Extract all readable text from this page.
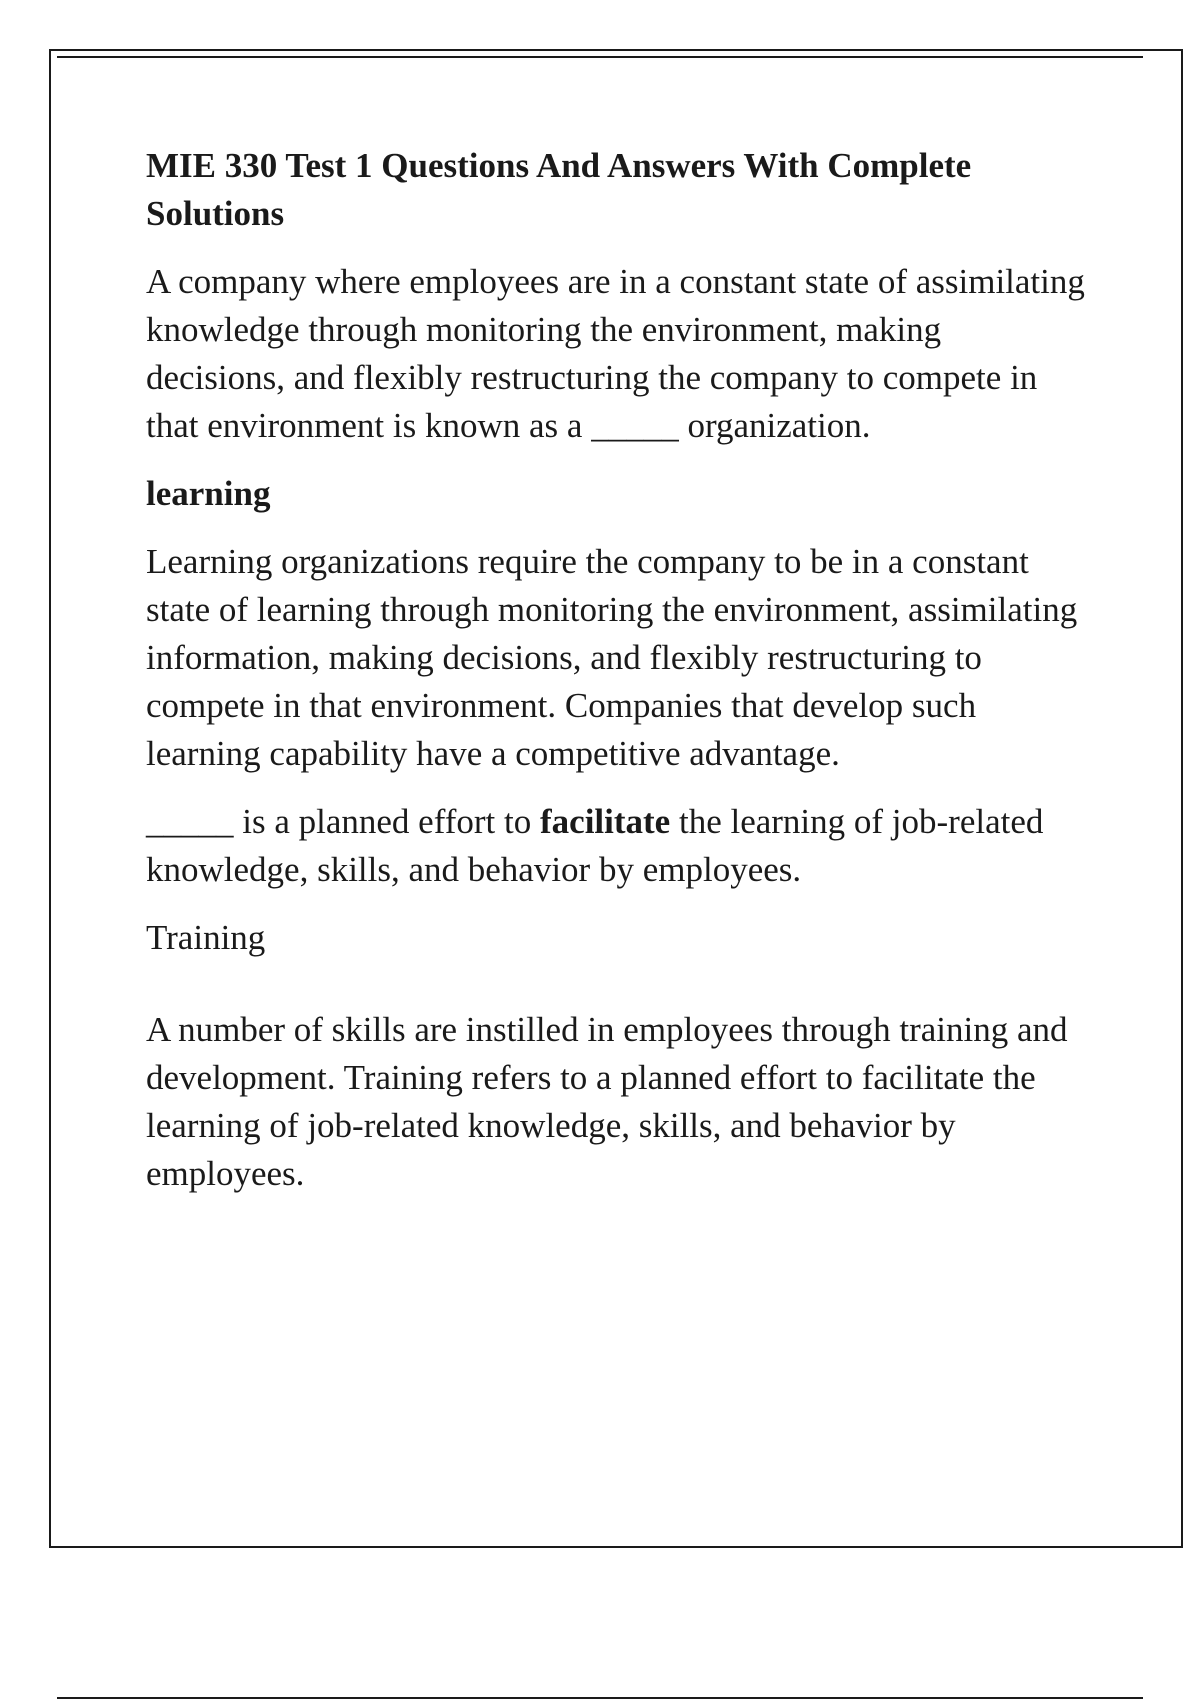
MIE 330 Test 1 Questions And Answers With Complete Solutions

A company where employees are in a constant state of assimilating knowledge through monitoring the environment, making decisions, and flexibly restructuring the company to compete in that environment is known as a _____ organization.

learning

Learning organizations require the company to be in a constant state of learning through monitoring the environment, assimilating information, making decisions, and flexibly restructuring to compete in that environment. Companies that develop such learning capability have a competitive advantage.

_____ is a planned effort to facilitate the learning of job-related knowledge, skills, and behavior by employees.

Training

A number of skills are instilled in employees through training and development. Training refers to a planned effort to facilitate the learning of job-related knowledge, skills, and behavior by employees.
